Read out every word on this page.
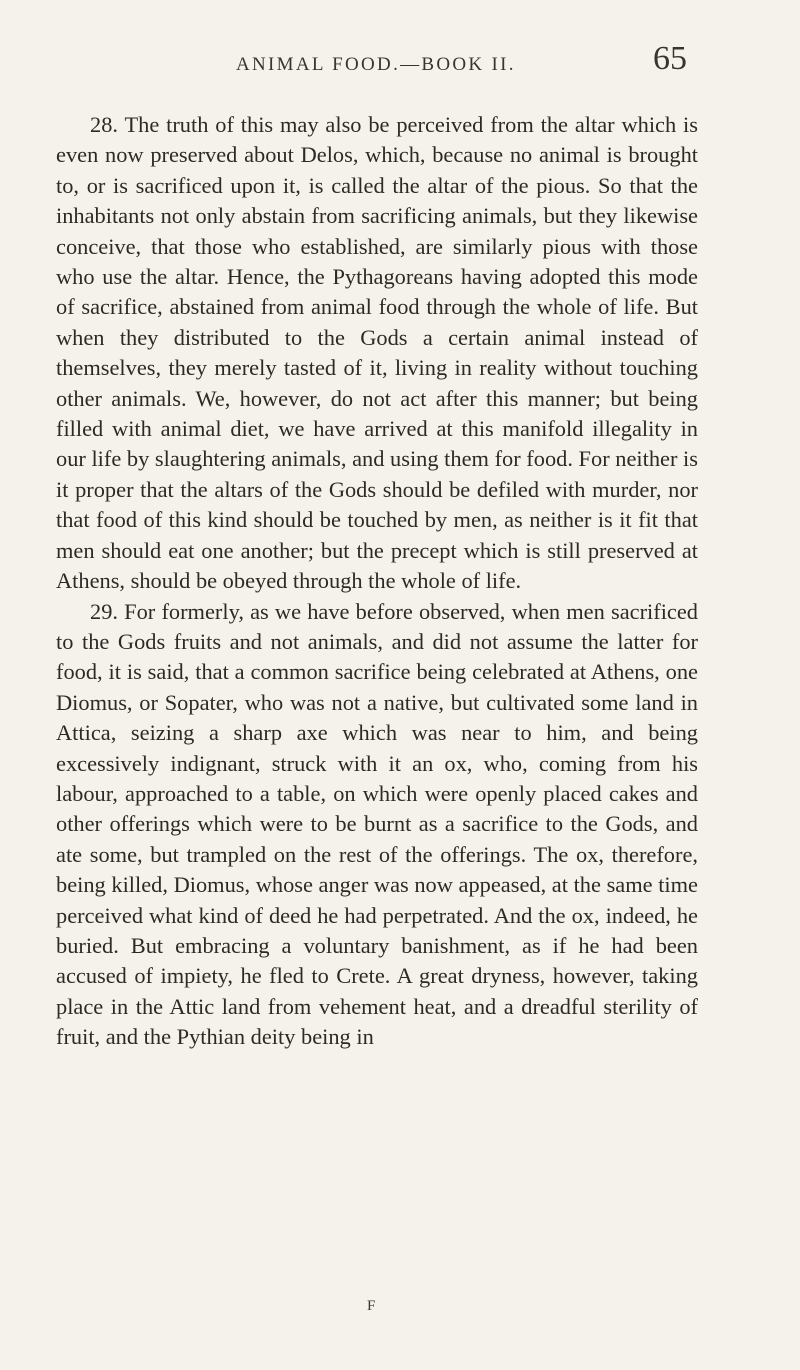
ANIMAL FOOD.—BOOK II.	65

28. The truth of this may also be perceived from the altar which is even now preserved about Delos, which, because no animal is brought to, or is sacrificed upon it, is called the altar of the pious. So that the inhabitants not only abstain from sacrificing animals, but they likewise conceive, that those who established, are similarly pious with those who use the altar. Hence, the Pythagoreans having adopted this mode of sacrifice, abstained from animal food through the whole of life. But when they distributed to the Gods a certain animal instead of themselves, they merely tasted of it, living in reality without touching other animals. We, however, do not act after this manner; but being filled with animal diet, we have arrived at this manifold illegality in our life by slaughtering animals, and using them for food. For neither is it proper that the altars of the Gods should be defiled with murder, nor that food of this kind should be touched by men, as neither is it fit that men should eat one another; but the precept which is still preserved at Athens, should be obeyed through the whole of life.

29. For formerly, as we have before observed, when men sacrificed to the Gods fruits and not animals, and did not assume the latter for food, it is said, that a common sacrifice being celebrated at Athens, one Diomus, or Sopater, who was not a native, but cultivated some land in Attica, seizing a sharp axe which was near to him, and being excessively indignant, struck with it an ox, who, coming from his labour, approached to a table, on which were openly placed cakes and other offerings which were to be burnt as a sacrifice to the Gods, and ate some, but trampled on the rest of the offerings. The ox, therefore, being killed, Diomus, whose anger was now appeased, at the same time perceived what kind of deed he had perpetrated. And the ox, indeed, he buried. But embracing a voluntary banishment, as if he had been accused of impiety, he fled to Crete. A great dryness, however, taking place in the Attic land from vehement heat, and a dreadful sterility of fruit, and the Pythian deity being in

F
